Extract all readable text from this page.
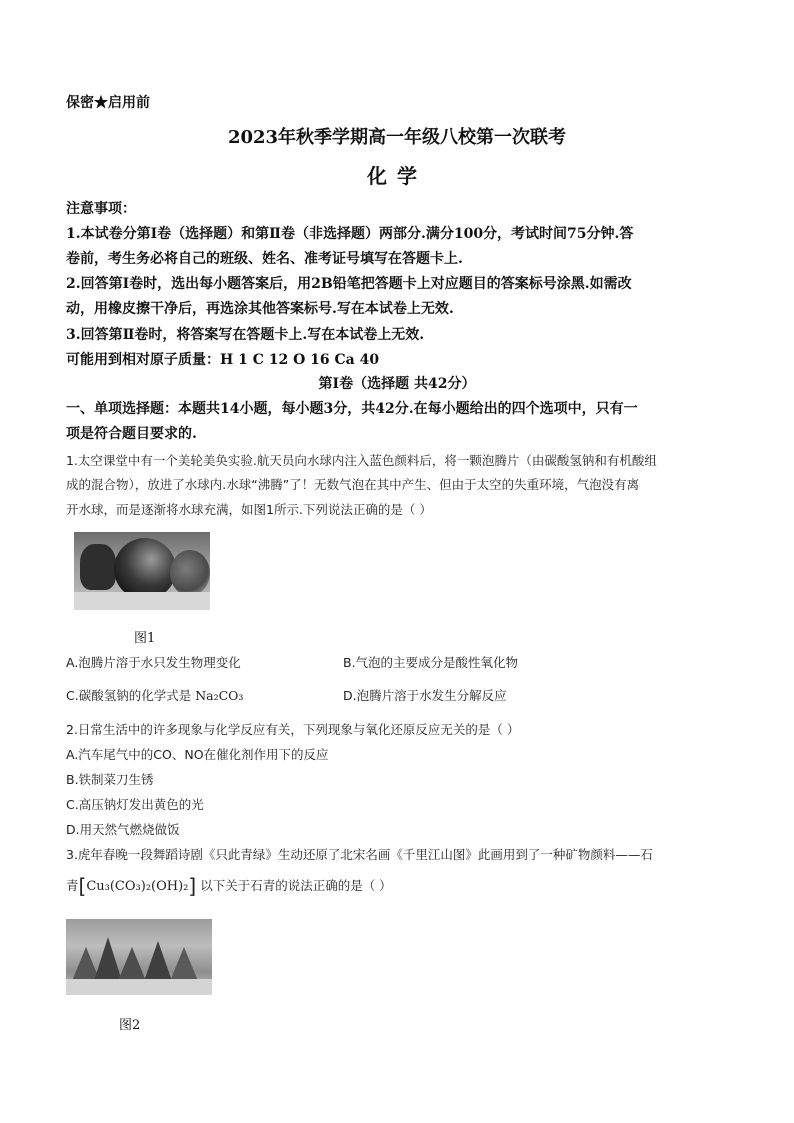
保密★启用前
2023年秋季学期高一年级八校第一次联考
化学
注意事项：
1.本试卷分第Ⅰ卷（选择题）和第Ⅱ卷（非选择题）两部分.满分100分，考试时间75分钟.答
卷前，考生务必将自己的班级、姓名、准考证号填写在答题卡上.
2.回答第Ⅰ卷时，选出每小题答案后，用2B铅笔把答题卡上对应题目的答案标号涂黑.如需改
动，用橡皮擦干净后，再选涂其他答案标号.写在本试卷上无效.
3.回答第Ⅱ卷时，将答案写在答题卡上.写在本试卷上无效.
可能用到相对原子质量：H 1 C 12 O 16 Ca 40
第Ⅰ卷（选择题 共42分）
一、单项选择题：本题共14小题，每小题3分，共42分.在每小题给出的四个选项中，只有一
项是符合题目要求的.
1.太空课堂中有一个美轮美奂实验.航天员向水球内注入蓝色颜料后，将一颗泡腾片（由碳酸氢钠和有机酸组
成的混合物），放进了水球内.水球“沸腾”了！无数气泡在其中产生、但由于太空的失重环境，气泡没有离
开水球，而是逐渐将水球充满，如图1所示.下列说法正确的是（ ）
图1
A.泡腾片溶于水只发生物理变化	B.气泡的主要成分是酸性氧化物
C.碳酸氢钠的化学式是 Na₂CO₃	D.泡腾片溶于水发生分解反应
2.日常生活中的许多现象与化学反应有关，下列现象与氧化还原反应无关的是（ ）
A.汽车尾气中的CO、NO在催化剂作用下的反应
B.铁制菜刀生锈
C.高压钠灯发出黄色的光
D.用天然气燃烧做饭
3.虎年春晚一段舞蹈诗剧《只此青绿》生动还原了北宋名画《千里江山图》此画用到了一种矿物颜料——石
青[Cu₃(CO₃)₂(OH)₂] 以下关于石青的说法正确的是（ ）
图2
